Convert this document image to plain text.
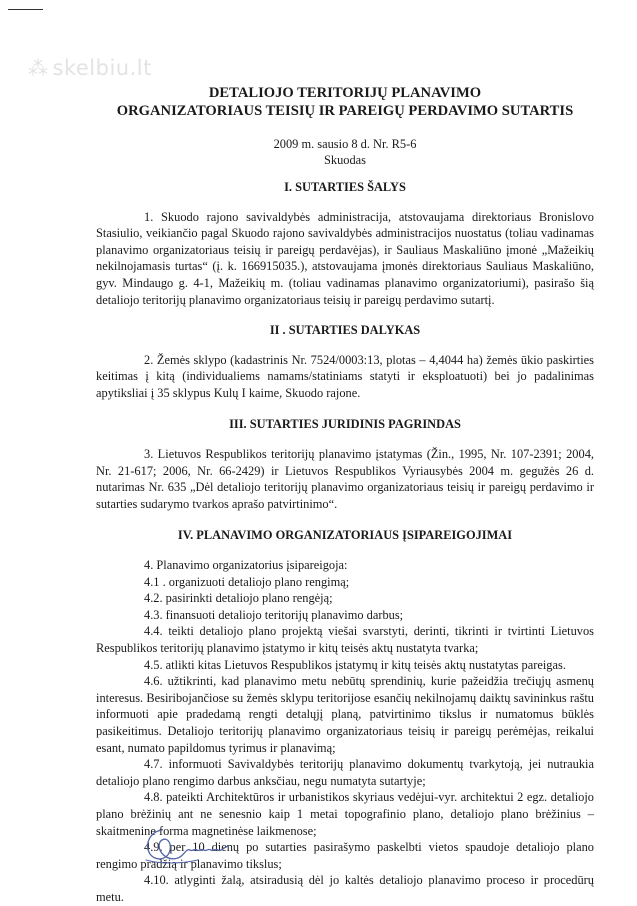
⁂ skelbiu.lt
DETALIOJO TERITORIJŲ PLANAVIMO
ORGANIZATORIAUS TEISIŲ IR PAREIGŲ PERDAVIMO SUTARTIS
2009 m. sausio 8 d. Nr. R5-6
Skuodas
I. SUTARTIES ŠALYS

1. Skuodo rajono savivaldybės administracija, atstovaujama direktoriaus Bronislovo Stasiulio, veikiančio pagal Skuodo rajono savivaldybės administracijos nuostatus (toliau vadinamas planavimo organizatoriaus teisių ir pareigų perdavėjas), ir Sauliaus Maskaliūno įmonė „Mažeikių nekilnojamasis turtas“ (į. k. 166915035.), atstovaujama įmonės direktoriaus Sauliaus Maskaliūno, gyv. Mindaugo g. 4-1, Mažeikių m. (toliau vadinamas planavimo organizatoriumi), pasirašo šią detaliojo teritorijų planavimo organizatoriaus teisių ir pareigų perdavimo sutartį.

II . SUTARTIES DALYKAS

2. Žemės sklypo (kadastrinis Nr. 7524/0003:13, plotas – 4,4044 ha) žemės ūkio paskirties keitimas į kitą (individualiems namams/statiniams statyti ir eksploatuoti) bei jo padalinimas apytiksliai į 35 sklypus Kulų I kaime, Skuodo rajone.

III. SUTARTIES JURIDINIS PAGRINDAS

3. Lietuvos Respublikos teritorijų planavimo įstatymas (Žin., 1995, Nr. 107-2391; 2004, Nr. 21-617; 2006, Nr. 66-2429) ir Lietuvos Respublikos Vyriausybės 2004 m. gegužės 26 d. nutarimas Nr. 635 „Dėl detaliojo teritorijų planavimo organizatoriaus teisių ir pareigų perdavimo ir sutarties sudarymo tvarkos aprašo patvirtinimo“.

IV. PLANAVIMO ORGANIZATORIAUS ĮSIPAREIGOJIMAI

4. Planavimo organizatorius įsipareigoja:

4.1 . organizuoti detaliojo plano rengimą;

4.2. pasirinkti detaliojo plano rengėją;

4.3. finansuoti detaliojo teritorijų planavimo darbus;

4.4. teikti detaliojo plano projektą viešai svarstyti, derinti, tikrinti ir tvirtinti Lietuvos Respublikos teritorijų planavimo įstatymo ir kitų teisės aktų nustatyta tvarka;

4.5. atlikti kitas Lietuvos Respublikos įstatymų ir kitų teisės aktų nustatytas pareigas.

4.6. užtikrinti, kad planavimo metu nebūtų sprendinių, kurie pažeidžia trečiųjų asmenų interesus. Besiribojančiose su žemės sklypu teritorijose esančių nekilnojamų daiktų savininkus raštu informuoti apie pradedamą rengti detalųjį planą, patvirtinimo tikslus ir numatomus būklės pasikeitimus. Detaliojo teritorijų planavimo organizatoriaus teisių ir pareigų perėmėjas, reikalui esant, numato papildomus tyrimus ir planavimą;

4.7. informuoti Savivaldybės teritorijų planavimo dokumentų tvarkytoją, jei nutraukia detaliojo plano rengimo darbus anksčiau, negu numatyta sutartyje;

4.8. pateikti Architektūros ir urbanistikos skyriaus vedėjui-vyr. architektui 2 egz. detaliojo plano brėžinių ant ne senesnio kaip 1 metai topografinio plano, detaliojo plano brėžinius – skaitmenine forma magnetinėse laikmenose;

4.9. per 10 dienų po sutarties pasirašymo paskelbti vietos spaudoje detaliojo plano rengimo pradžią ir planavimo tikslus;

4.10. atlyginti žalą, atsiradusią dėl jo kaltės detaliojo planavimo proceso ir procedūrų metu.
